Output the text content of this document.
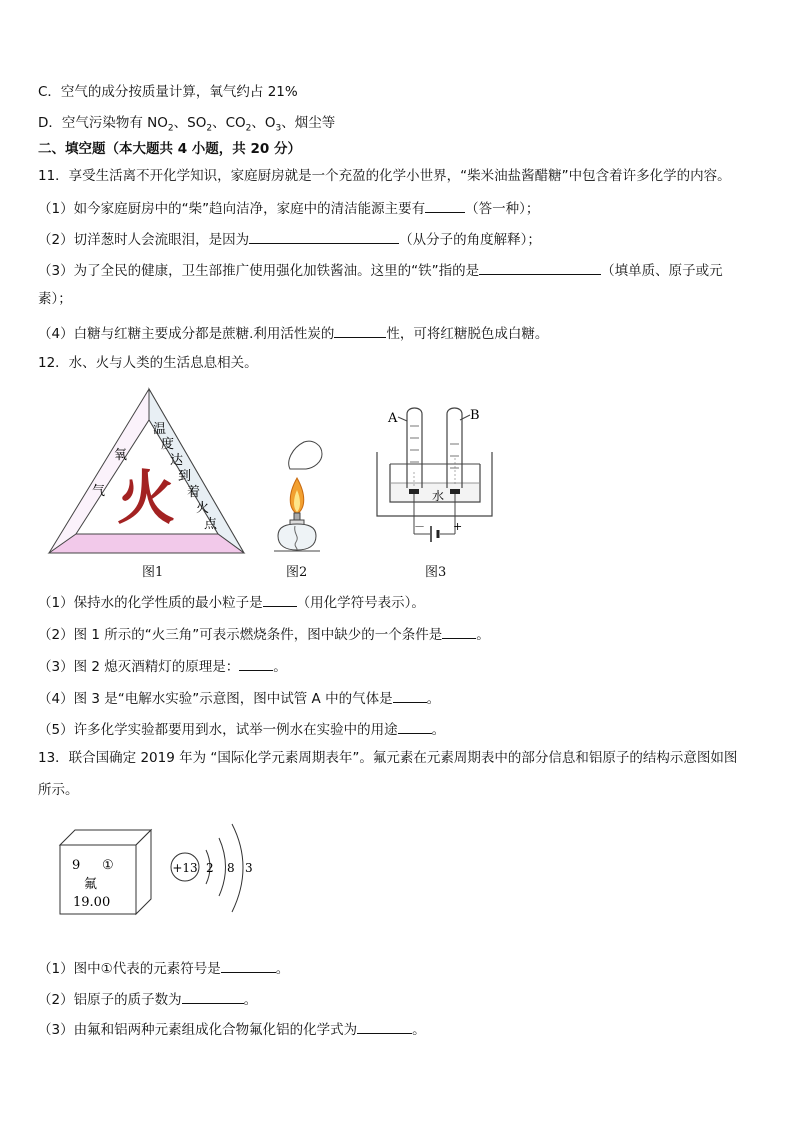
C．空气的成分按质量计算，氧气约占 21%
D．空气污染物有 $NO_2$、$SO_2$、$CO_2$、$O_3$、烟尘等
二、填空题（本大题共 4 小题，共 20 分）
11．享受生活离不开化学知识，家庭厨房就是一个充盈的化学小世界，“柴米油盐酱醋糖”中包含着许多化学的内容。
（1）如今家庭厨房中的“柴”趋向洁净，家庭中的清洁能源主要有	（答一种）；
（2）切洋葱时人会流眼泪，是因为	（从分子的角度解释）；
（3）为了全民的健康，卫生部推广使用强化加铁酱油。这里的“铁”指的是	（填单质、原子或元
素）；
（4）白糖与红糖主要成分都是蔗糖.利用活性炭的	性，可将红糖脱色成白糖。
12．水、火与人类的生活息息相关。
氧
气
温
度
达
到
着
火
点
火
图1	图2
A	B
水
－	+
图3
（1）保持水的化学性质的最小粒子是	（用化学符号表示）。
（2）图 1 所示的“火三角”可表示燃烧条件，图中缺少的一个条件是	。
（3）图 2 熄灭酒精灯的原理是：	。
（4）图 3 是“电解水实验”示意图，图中试管 A 中的气体是	。
（5）许多化学实验都要用到水，试举一例水在实验中的用途	。
13．联合国确定 2019 年为 “国际化学元素周期表年”。氟元素在元素周期表中的部分信息和铝原子的结构示意图如图
所示。
9 ①
氟
19.00
+13 2 8 3
（1）图中①代表的元素符号是	。
（2）铝原子的质子数为	。
（3）由氟和铝两种元素组成化合物氟化铝的化学式为	。
